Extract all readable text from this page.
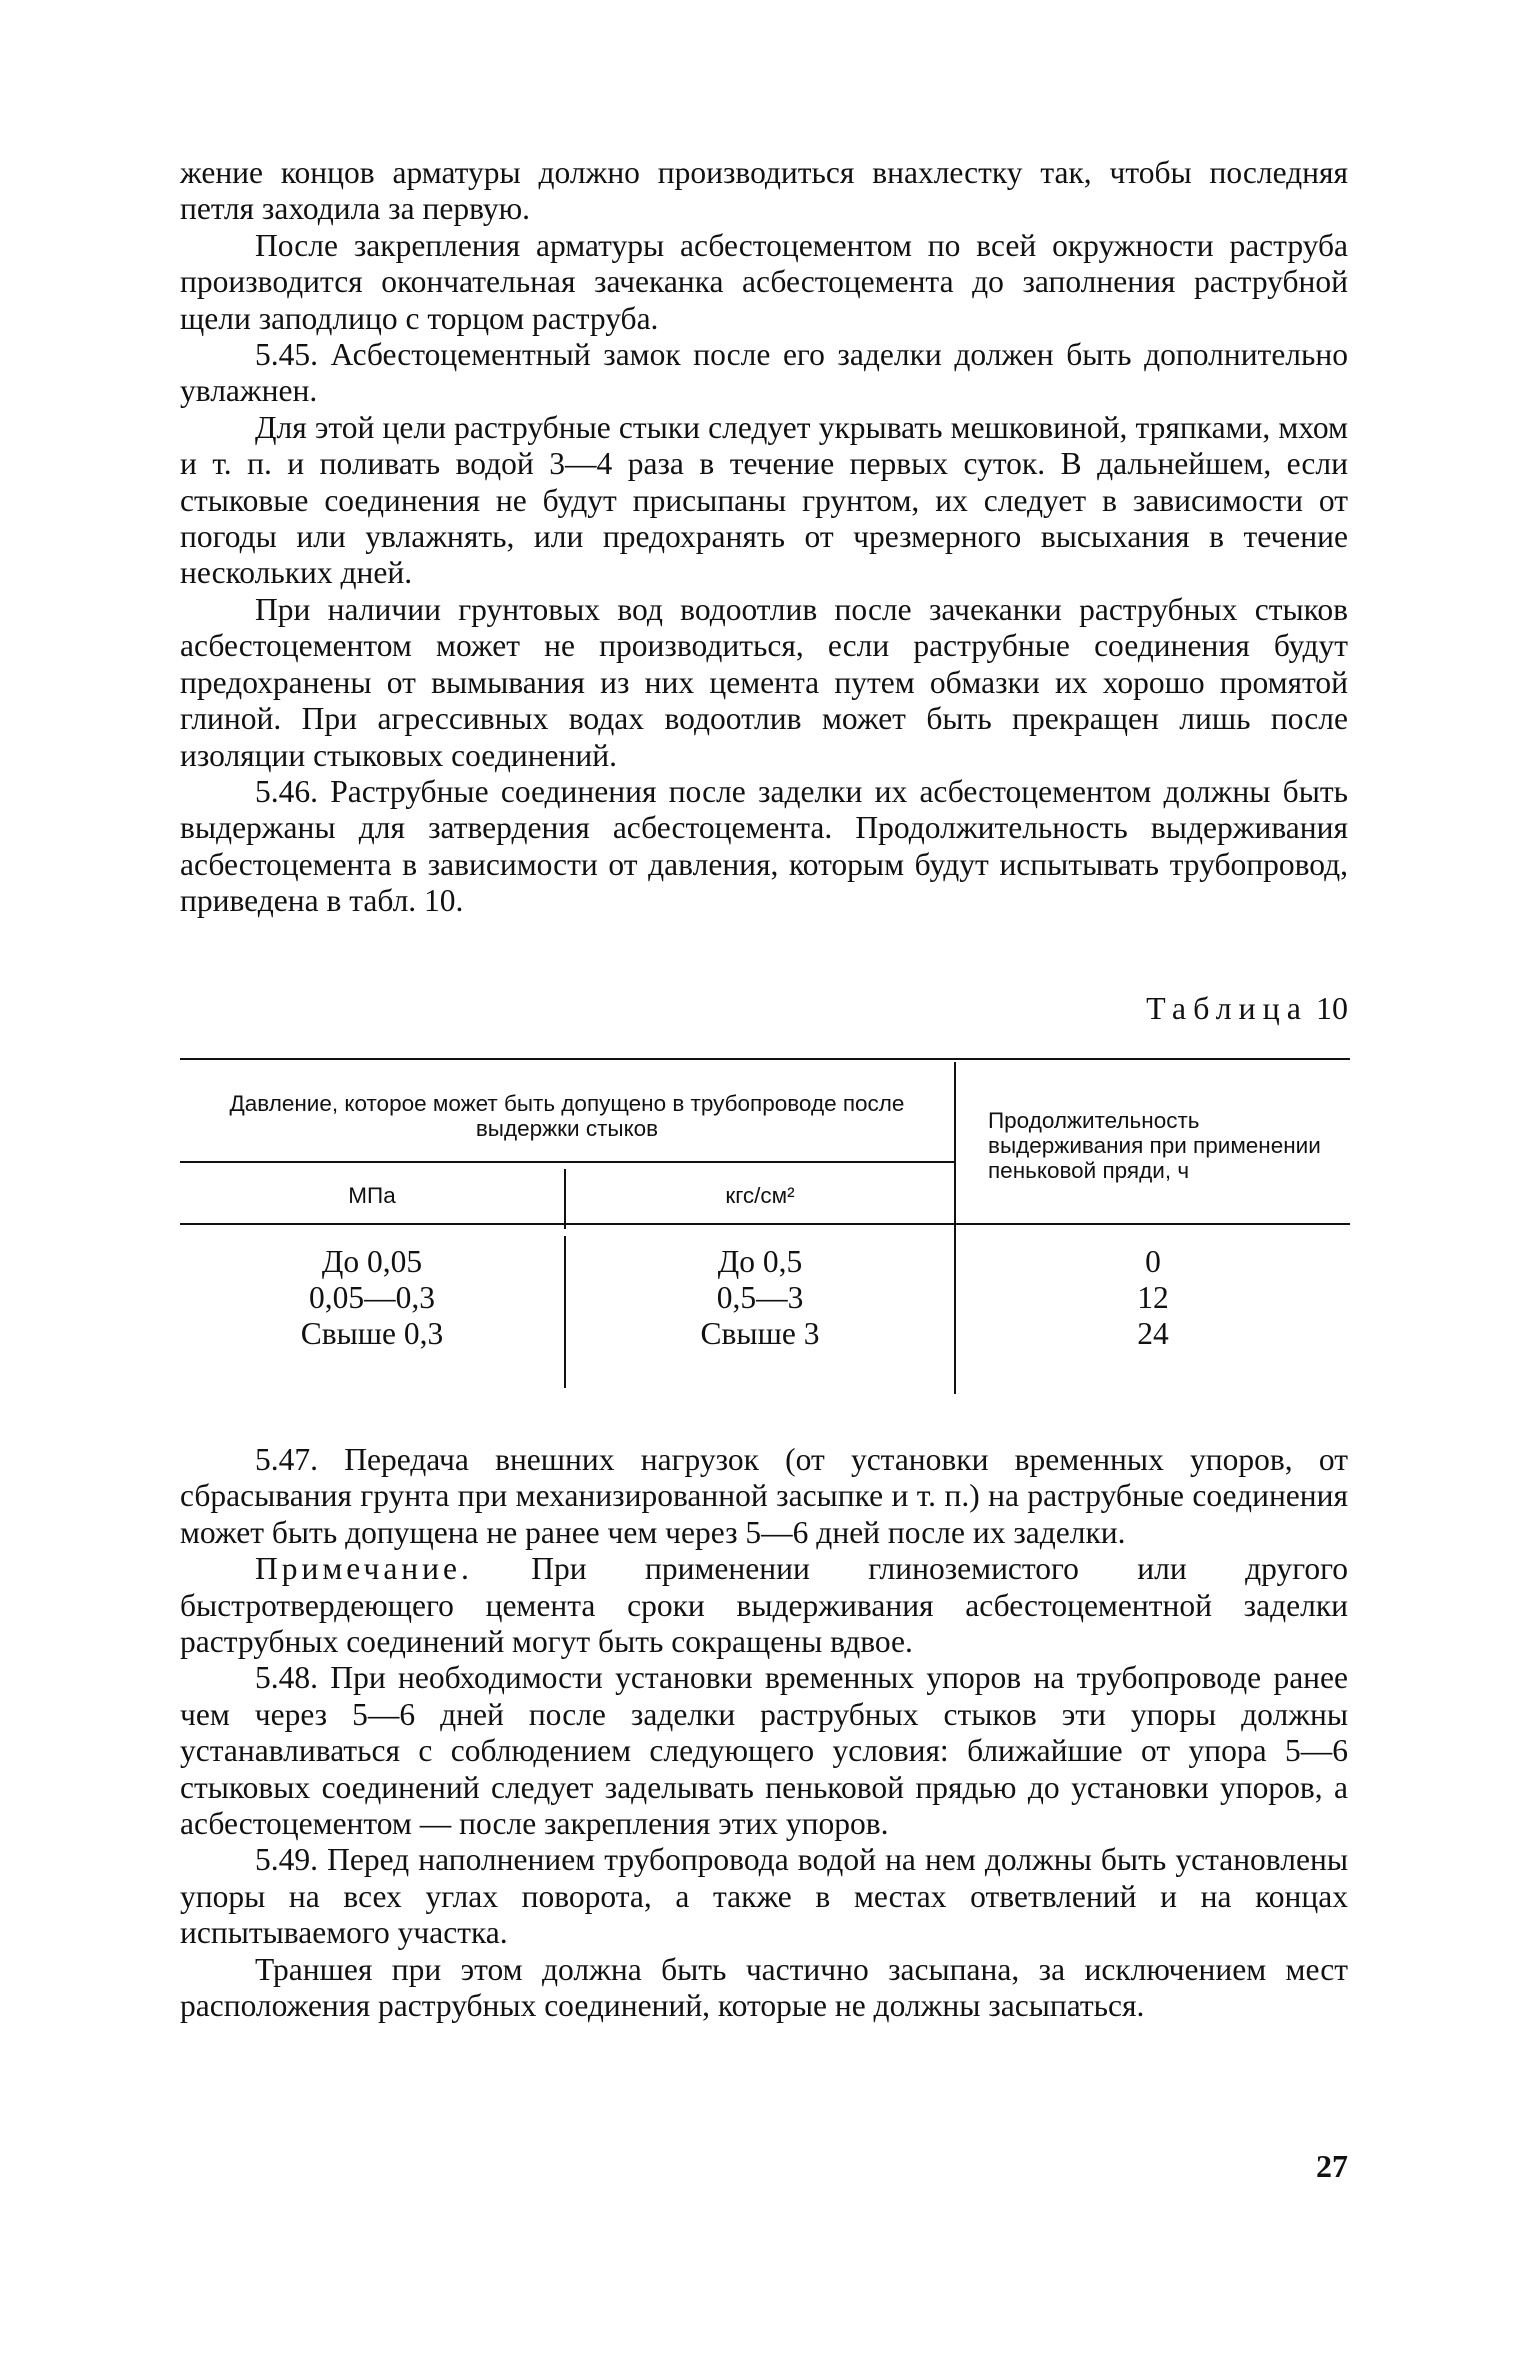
жение концов арматуры должно производиться внахлестку так, чтобы последняя петля заходила за первую.

После закрепления арматуры асбестоцементом по всей окружности раструба производится окончательная зачеканка асбестоцемента до заполнения раструбной щели заподлицо с торцом раструба.

5.45. Асбестоцементный замок после его заделки должен быть дополнительно увлажнен.

Для этой цели раструбные стыки следует укрывать мешковиной, тряпками, мхом и т. п. и поливать водой 3—4 раза в течение первых суток. В дальнейшем, если стыковые соединения не будут присыпаны грунтом, их следует в зависимости от погоды или увлажнять, или предохранять от чрезмерного высыхания в течение нескольких дней.

При наличии грунтовых вод водоотлив после зачеканки раструбных стыков асбестоцементом может не производиться, если раструбные соединения будут предохранены от вымывания из них цемента путем обмазки их хорошо промятой глиной. При агрессивных водах водоотлив может быть прекращен лишь после изоляции стыковых соединений.

5.46. Раструбные соединения после заделки их асбестоцементом должны быть выдержаны для затвердения асбестоцемента. Продолжительность выдерживания асбестоцемента в зависимости от давления, которым будут испытывать трубопровод, приведена в табл. 10.

Таблица 10
Давление, которое может быть допущено в трубопроводе после выдержки стыков
МПа	кгс/см²
Продолжительность выдерживания при применении пеньковой пряди, ч
До 0,05
0,05—0,3
Свыше 0,3
До 0,5
0,5—3
Свыше 3
0
12
24

5.47. Передача внешних нагрузок (от установки временных упоров, от сбрасывания грунта при механизированной засыпке и т. п.) на раструбные соединения может быть допущена не ранее чем через 5—6 дней после их заделки.

Примечание. При применении глиноземистого или другого быстротвердеющего цемента сроки выдерживания асбестоцементной заделки раструбных соединений могут быть сокращены вдвое.

5.48. При необходимости установки временных упоров на трубопроводе ранее чем через 5—6 дней после заделки раструбных стыков эти упоры должны устанавливаться с соблюдением следующего условия: ближайшие от упора 5—6 стыковых соединений следует заделывать пеньковой прядью до установки упоров, а асбестоцементом — после закрепления этих упоров.

5.49. Перед наполнением трубопровода водой на нем должны быть установлены упоры на всех углах поворота, а также в местах ответвлений и на концах испытываемого участка.

Траншея при этом должна быть частично засыпана, за исключением мест расположения раструбных соединений, которые не должны засыпаться.

27
